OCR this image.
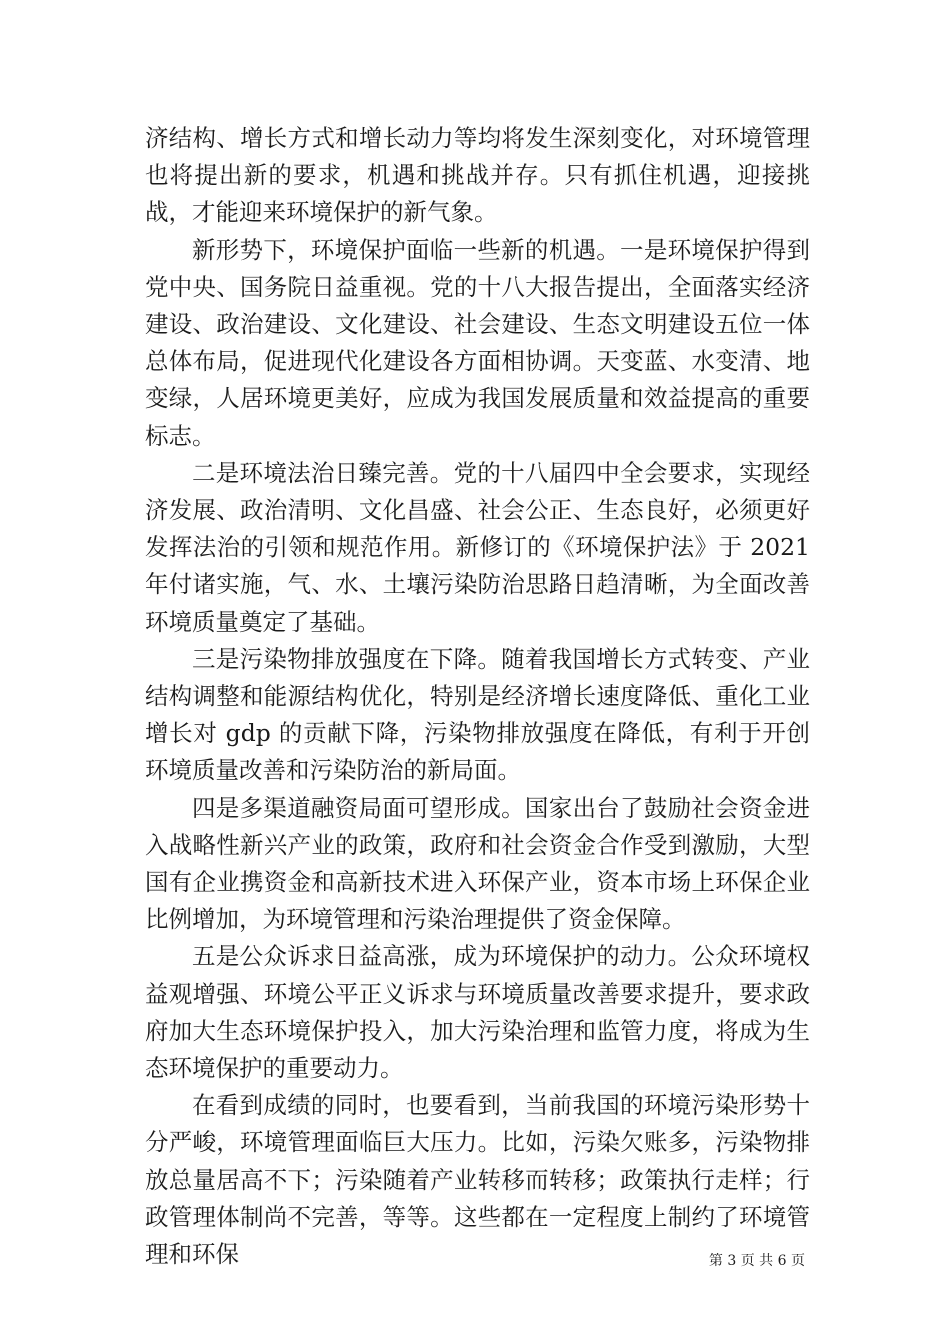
济结构、增长方式和增长动力等均将发生深刻变化，对环境管理也将提出新的要求，机遇和挑战并存。只有抓住机遇，迎接挑战，才能迎来环境保护的新气象。

新形势下，环境保护面临一些新的机遇。一是环境保护得到党中央、国务院日益重视。党的十八大报告提出，全面落实经济建设、政治建设、文化建设、社会建设、生态文明建设五位一体总体布局，促进现代化建设各方面相协调。天变蓝、水变清、地变绿，人居环境更美好，应成为我国发展质量和效益提高的重要标志。

二是环境法治日臻完善。党的十八届四中全会要求，实现经济发展、政治清明、文化昌盛、社会公正、生态良好，必须更好发挥法治的引领和规范作用。新修订的《环境保护法》于 2021 年付诸实施，气、水、土壤污染防治思路日趋清晰，为全面改善环境质量奠定了基础。

三是污染物排放强度在下降。随着我国增长方式转变、产业结构调整和能源结构优化，特别是经济增长速度降低、重化工业增长对 gdp 的贡献下降，污染物排放强度在降低，有利于开创环境质量改善和污染防治的新局面。

四是多渠道融资局面可望形成。国家出台了鼓励社会资金进入战略性新兴产业的政策，政府和社会资金合作受到激励，大型国有企业携资金和高新技术进入环保产业，资本市场上环保企业比例增加，为环境管理和污染治理提供了资金保障。

五是公众诉求日益高涨，成为环境保护的动力。公众环境权益观增强、环境公平正义诉求与环境质量改善要求提升，要求政府加大生态环境保护投入，加大污染治理和监管力度，将成为生态环境保护的重要动力。

在看到成绩的同时，也要看到，当前我国的环境污染形势十分严峻，环境管理面临巨大压力。比如，污染欠账多，污染物排放总量居高不下；污染随着产业转移而转移；政策执行走样；行政管理体制尚不完善，等等。这些都在一定程度上制约了环境管理和环保	第 3 页 共 6 页
